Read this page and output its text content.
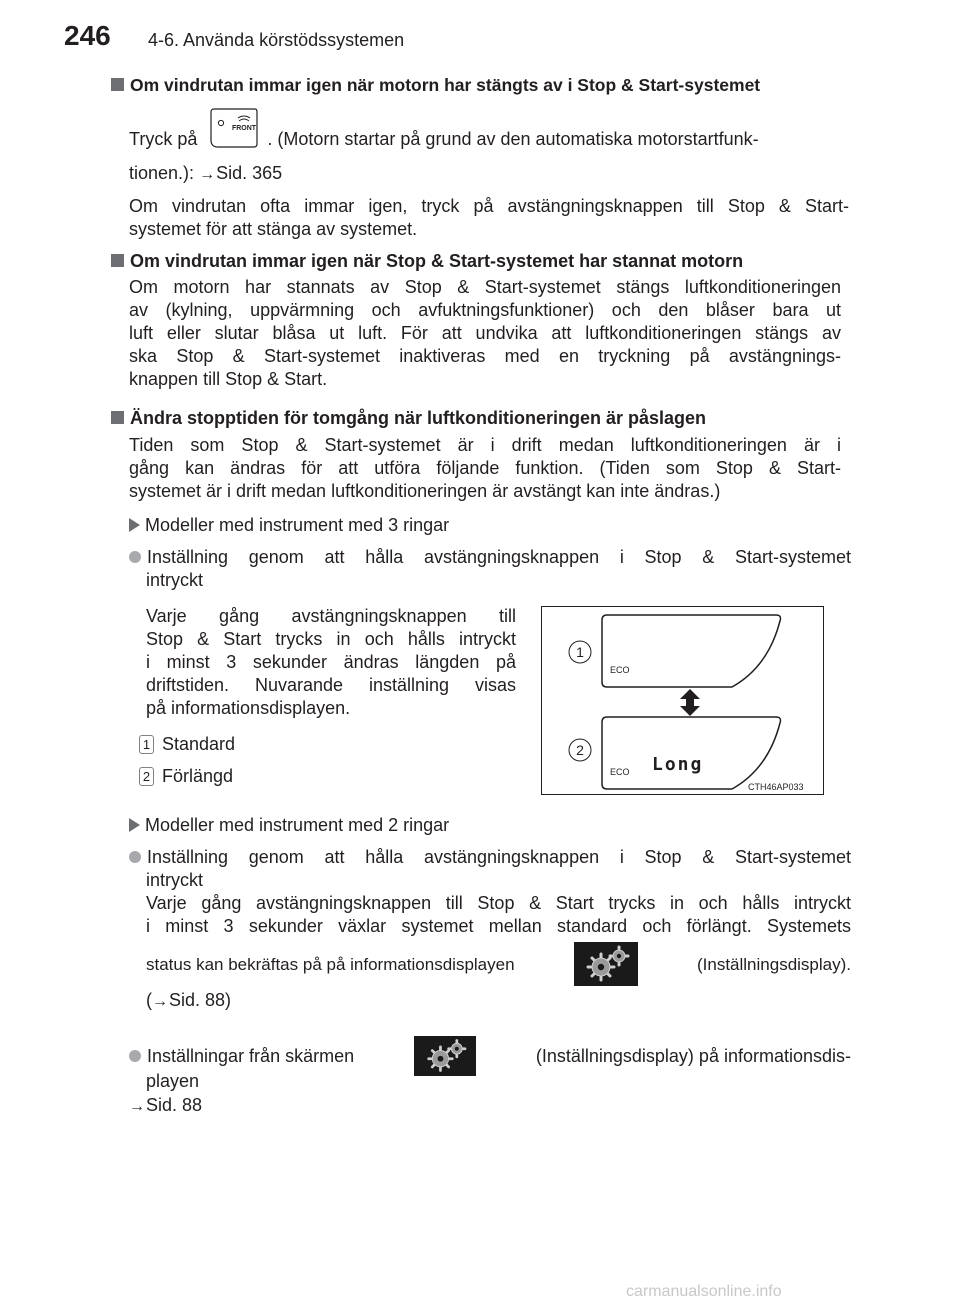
246 4-6. Använda körstödssystemen
Om vindrutan immar igen när motorn har stängts av i Stop & Start-systemet
Tryck på
FRONT
. (Motorn startar på grund av den automatiska motorstartfunk-
tionen.): →Sid. 365
Om vindrutan ofta immar igen, tryck på avstängningsknappen till Stop & Start-
systemet för att stänga av systemet.
Om vindrutan immar igen när Stop & Start-systemet har stannat motorn
Om motorn har stannats av Stop & Start-systemet stängs luftkonditioneringen
av (kylning, uppvärmning och avfuktningsfunktioner) och den blåser bara ut
luft eller slutar blåsa ut luft. För att undvika att luftkonditioneringen stängs av
ska Stop & Start-systemet inaktiveras med en tryckning på avstängnings-
knappen till Stop & Start.
Ändra stopptiden för tomgång när luftkonditioneringen är påslagen
Tiden som Stop & Start-systemet är i drift medan luftkonditioneringen är i
gång kan ändras för att utföra följande funktion. (Tiden som Stop & Start-
systemet är i drift medan luftkonditioneringen är avstängt kan inte ändras.)
Modeller med instrument med 3 ringar
Inställning genom att hålla avstängningsknappen i Stop & Start-systemet
intryckt
Varje gång avstängningsknappen till
Stop & Start trycks in och hålls intryckt
i minst 3 sekunder ändras längden på
driftstiden. Nuvarande inställning visas
på informationsdisplayen.
1 Standard
2 Förlängd
1
ECO
2
ECO Long
CTH46AP033
Modeller med instrument med 2 ringar
Inställning genom att hålla avstängningsknappen i Stop & Start-systemet
intryckt
Varje gång avstängningsknappen till Stop & Start trycks in och hålls intryckt
i minst 3 sekunder växlar systemet mellan standard och förlängt. Systemets
status kan bekräftas på på informationsdisplayen	(Inställningsdisplay).
(→Sid. 88)
Inställningar från skärmen	(Inställningsdisplay) på informationsdis-
playen
→Sid. 88
carmanualsonline.info
